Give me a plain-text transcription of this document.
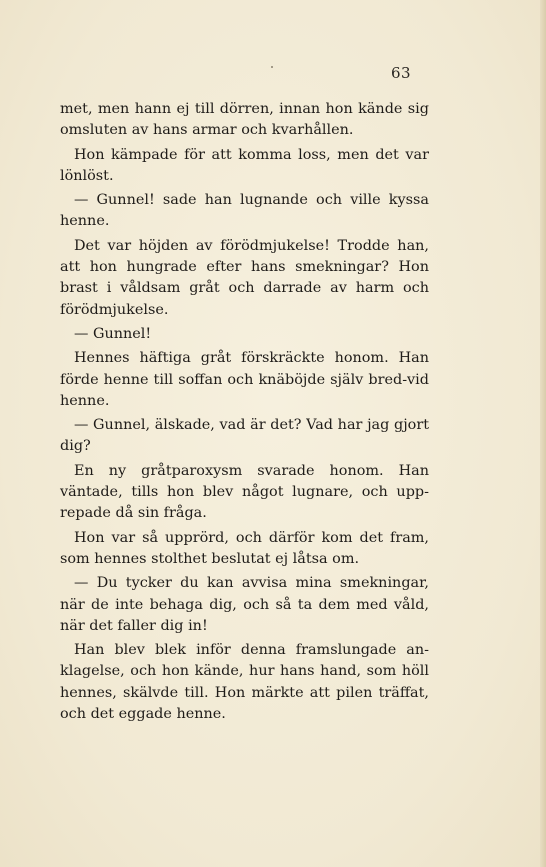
63

met, men hann ej till dörren, innan hon kände sig omsluten av hans armar och kvarhållen.

Hon kämpade för att komma loss, men det var lönlöst.

— Gunnel! sade han lugnande och ville kyssa henne.

Det var höjden av förödmjukelse! Trodde han, att hon hungrade efter hans smekningar? Hon brast i våldsam gråt och darrade av harm och förödmjukelse.

— Gunnel!

Hennes häftiga gråt förskräckte honom. Han förde henne till soffan och knäböjde själv bred-vid henne.

— Gunnel, älskade, vad är det? Vad har jag gjort dig?

En ny gråtparoxysm svarade honom. Han väntade, tills hon blev något lugnare, och upp-repade då sin fråga.

Hon var så upprörd, och därför kom det fram, som hennes stolthet beslutat ej låtsa om.

— Du tycker du kan avvisa mina smekningar, när de inte behaga dig, och så ta dem med våld, när det faller dig in!

Han blev blek inför denna framslungade an-klagelse, och hon kände, hur hans hand, som höll hennes, skälvde till. Hon märkte att pilen träffat, och det eggade henne.
